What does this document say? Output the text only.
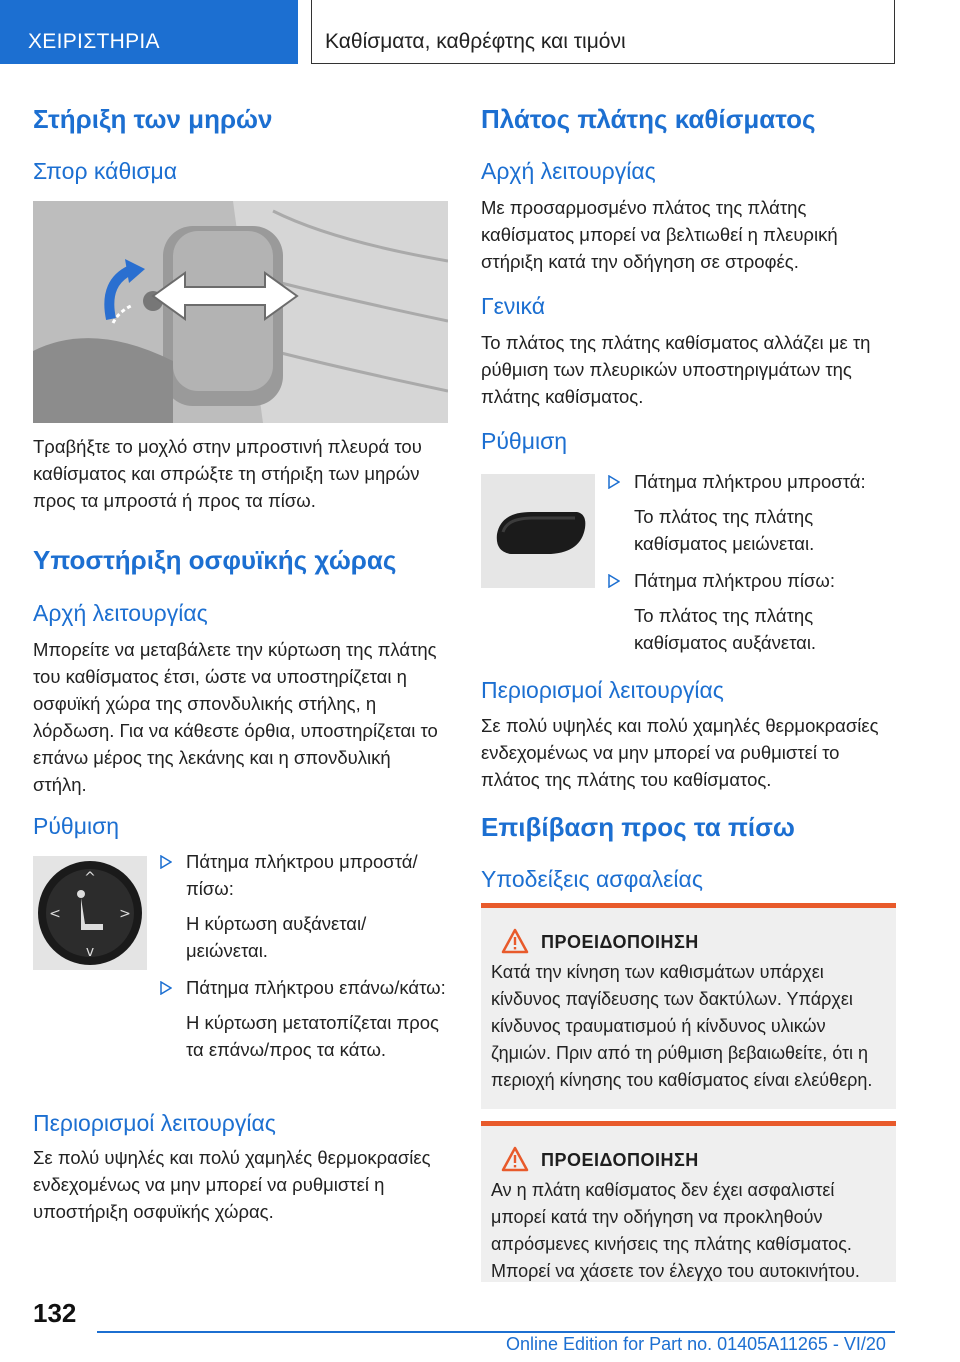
ΧΕΙΡΙΣΤΗΡΙΑ	Καθίσματα, καθρέφτης και τιμόνι
Στήριξη των μηρών
Σπορ κάθισμα

Τραβήξτε το μοχλό στην μπροστινή πλευρά του καθίσματος και σπρώξτε τη στήριξη των μηρών προς τα μπροστά ή προς τα πίσω.

Υποστήριξη οσφυϊκής χώρας
Αρχή λειτουργίας

Μπορείτε να μεταβάλετε την κύρτωση της πλάτης του καθίσματος έτσι, ώστε να υποστηρίζεται η οσφυϊκή χώρα της σπονδυλικής στήλης, η λόρδωση. Για να κάθεστε όρθια, υποστηρίζεται το επάνω μέρος της λεκάνης και η σπονδυλική στήλη.

Ρύθμιση
^
v
<	>
Πάτημα πλήκτρου μπροστά/πίσω:
Η κύρτωση αυξάνεται/μειώνεται.
Πάτημα πλήκτρου επάνω/κάτω:
Η κύρτωση μετατοπίζεται προς τα επάνω/προς τα κάτω.
Περιορισμοί λειτουργίας

Σε πολύ υψηλές και πολύ χαμηλές θερμοκρασίες ενδεχομένως να μην μπορεί να ρυθμιστεί η υποστήριξη οσφυϊκής χώρας.

Πλάτος πλάτης καθίσματος
Αρχή λειτουργίας

Με προσαρμοσμένο πλάτος της πλάτης καθίσματος μπορεί να βελτιωθεί η πλευρική στήριξη κατά την οδήγηση σε στροφές.

Γενικά

Το πλάτος της πλάτης καθίσματος αλλάζει με τη ρύθμιση των πλευρικών υποστηριγμάτων της πλάτης καθίσματος.

Ρύθμιση
Πάτημα πλήκτρου μπροστά:
Το πλάτος της πλάτης καθίσματος μειώνεται.
Πάτημα πλήκτρου πίσω:
Το πλάτος της πλάτης καθίσματος αυξάνεται.
Περιορισμοί λειτουργίας

Σε πολύ υψηλές και πολύ χαμηλές θερμοκρασίες ενδεχομένως να μην μπορεί να ρυθμιστεί το πλάτος της πλάτης του καθίσματος.

Επιβίβαση προς τα πίσω
Υποδείξεις ασφαλείας
ΠΡΟΕΙΔΟΠΟΙΗΣΗ

Κατά την κίνηση των καθισμάτων υπάρχει κίνδυνος παγίδευσης των δακτύλων. Υπάρχει κίνδυνος τραυματισμού ή κίνδυνος υλικών ζημιών. Πριν από τη ρύθμιση βεβαιωθείτε, ότι η περιοχή κίνησης του καθίσματος είναι ελεύθερη.

ΠΡΟΕΙΔΟΠΟΙΗΣΗ

Αν η πλάτη καθίσματος δεν έχει ασφαλιστεί μπορεί κατά την οδήγηση να προκληθούν απρόσμενες κινήσεις της πλάτης καθίσματος. Μπορεί να χάσετε τον έλεγχο του αυτοκινήτου.

132
Online Edition for Part no. 01405A11265 - VI/20
